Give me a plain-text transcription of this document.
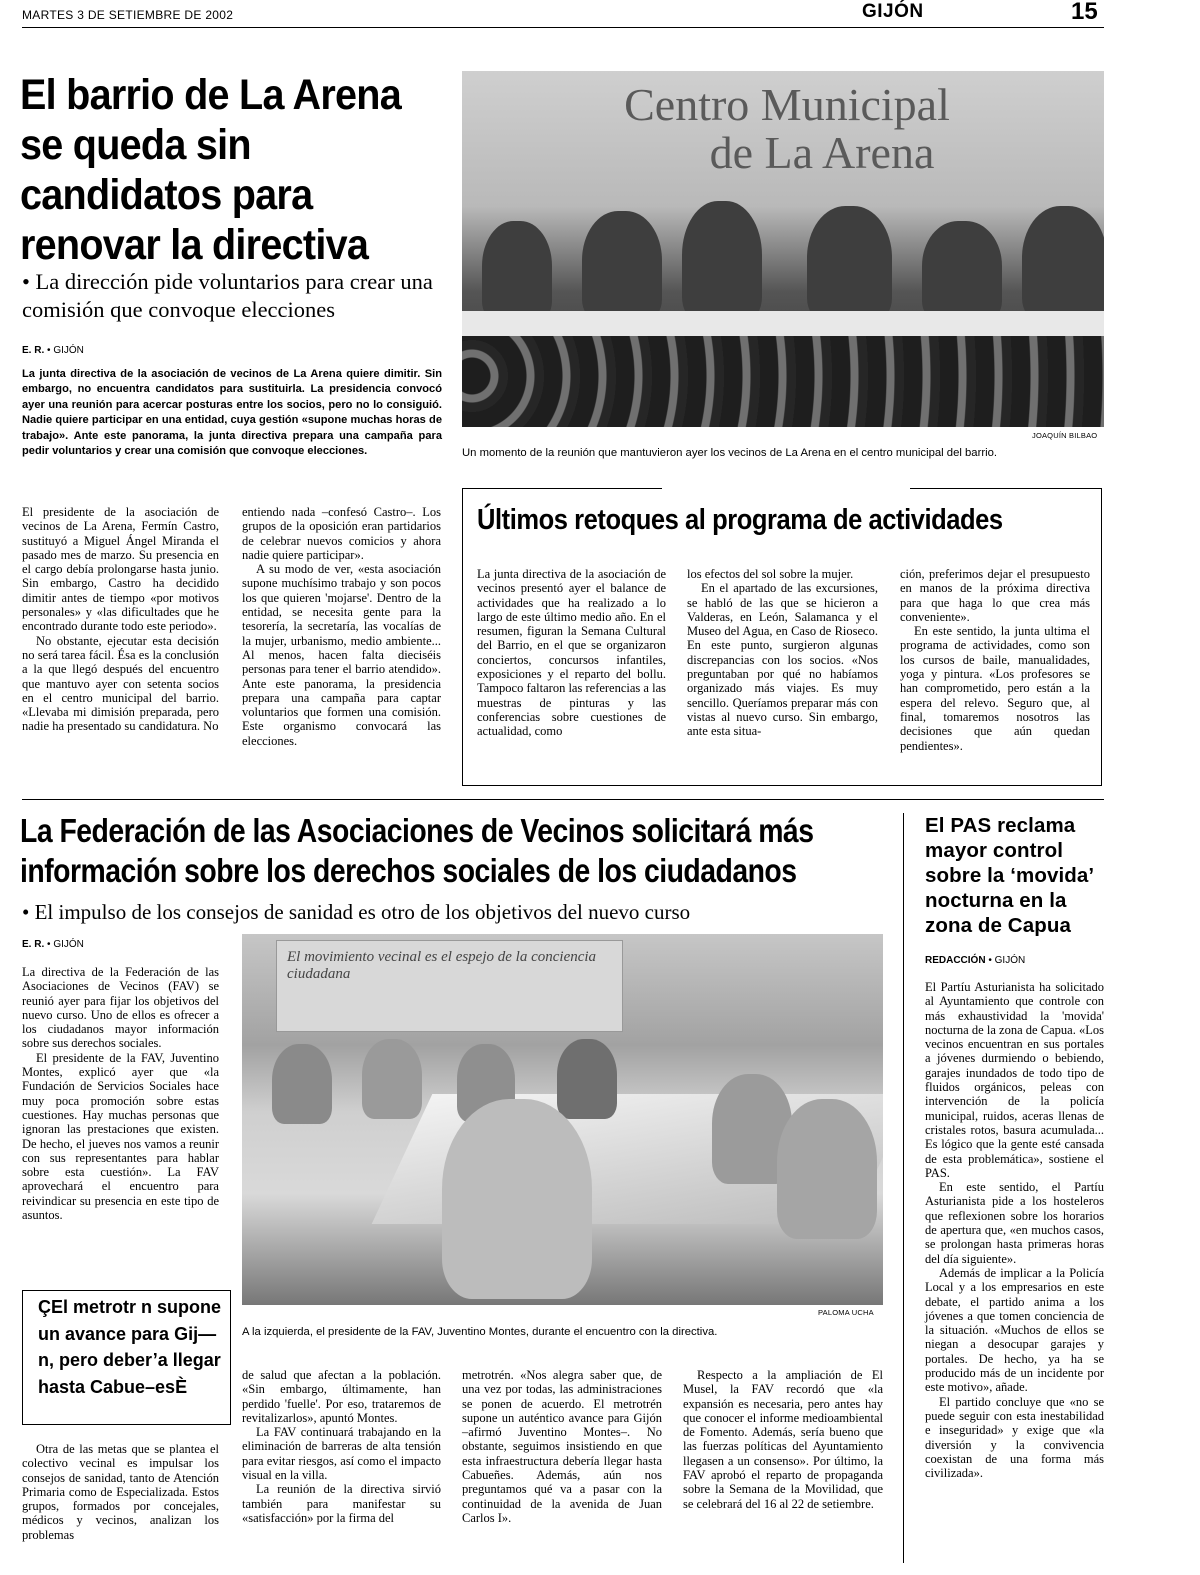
MARTES 3 DE SETIEMBRE DE 2002	GIJÓN	15
El barrio de La Arena se queda sin candidatos para renovar la directiva
• La dirección pide voluntarios para crear una comisión que convoque elecciones
E. R. • GIJÓN
La junta directiva de la asociación de vecinos de La Arena quiere dimitir. Sin embargo, no encuentra candidatos para sustituirla. La presidencia convocó ayer una reunión para acercar posturas entre los socios, pero no lo consiguió. Nadie quiere participar en una entidad, cuya gestión «supone muchas horas de trabajo». Ante este panorama, la junta directiva prepara una campaña para pedir voluntarios y crear una comisión que convoque elecciones.

El presidente de la asociación de vecinos de La Arena, Fermín Castro, sustituyó a Miguel Ángel Miranda el pasado mes de marzo. Su presencia en el cargo debía prolongarse hasta junio. Sin embargo, Castro ha decidido dimitir antes de tiempo «por motivos personales» y «las dificultades que he encontrado durante todo este periodo».

No obstante, ejecutar esta decisión no será tarea fácil. Ésa es la conclusión a la que llegó después del encuentro que mantuvo ayer con setenta socios en el centro municipal del barrio. «Llevaba mi dimisión preparada, pero nadie ha presentado su candidatura. No

entiendo nada –confesó Castro–. Los grupos de la oposición eran partidarios de celebrar nuevos comicios y ahora nadie quiere participar».

A su modo de ver, «esta asociación supone muchísimo trabajo y son pocos los que quieren 'mojarse'. Dentro de la entidad, se necesita gente para la tesorería, la secretaría, las vocalías de la mujer, urbanismo, medio ambiente... Al menos, hacen falta dieciséis personas para tener el barrio atendido». Ante este panorama, la presidencia prepara una campaña para captar voluntarios que formen una comisión. Este organismo convocará las elecciones.

Centro Municipal
de La Arena
JOAQUÍN BILBAO
Un momento de la reunión que mantuvieron ayer los vecinos de La Arena en el centro municipal del barrio.
Últimos retoques al programa de actividades

La junta directiva de la asociación de vecinos presentó ayer el balance de actividades que ha realizado a lo largo de este último medio año. En el resumen, figuran la Semana Cultural del Barrio, en el que se organizaron conciertos, concursos infantiles, exposiciones y el reparto del bollu. Tampoco faltaron las referencias a las muestras de pinturas y las conferencias sobre cuestiones de actualidad, como

los efectos del sol sobre la mujer.

En el apartado de las excursiones, se habló de las que se hicieron a Valderas, en León, Salamanca y el Museo del Agua, en Caso de Rioseco. En este punto, surgieron algunas discrepancias con los socios. «Nos preguntaban por qué no habíamos organizado más viajes. Es muy sencillo. Queríamos preparar más con vistas al nuevo curso. Sin embargo, ante esta situa-

ción, preferimos dejar el presupuesto en manos de la próxima directiva para que haga lo que crea más conveniente».

En este sentido, la junta ultima el programa de actividades, como son los cursos de baile, manualidades, yoga y pintura. «Los profesores se han comprometido, pero están a la espera del relevo. Seguro que, al final, tomaremos nosotros las decisiones que aún quedan pendientes».

La Federación de las Asociaciones de Vecinos solicitará más
información sobre los derechos sociales de los ciudadanos
• El impulso de los consejos de sanidad es otro de los objetivos del nuevo curso
E. R. • GIJÓN

La directiva de la Federación de las Asociaciones de Vecinos (FAV) se reunió ayer para fijar los objetivos del nuevo curso. Uno de ellos es ofrecer a los ciudadanos mayor información sobre sus derechos sociales.

El presidente de la FAV, Juventino Montes, explicó ayer que «la Fundación de Servicios Sociales hace muy poca promoción sobre estas cuestiones. Hay muchas personas que ignoran las prestaciones que existen. De hecho, el jueves nos vamos a reunir con sus representantes para hablar sobre esta cuestión». La FAV aprovechará el encuentro para reivindicar su presencia en este tipo de asuntos.

ÇEl metrotr n supone un avance para Gij—n, pero deber’a llegar hasta Cabue–esÈ

Otra de las metas que se plantea el colectivo vecinal es impulsar los consejos de sanidad, tanto de Atención Primaria como de Especializada. Estos grupos, formados por concejales, médicos y vecinos, analizan los problemas

El movimiento vecinal es el espejo de la conciencia ciudadana
PALOMA UCHA
A la izquierda, el presidente de la FAV, Juventino Montes, durante el encuentro con la directiva.

de salud que afectan a la población. «Sin embargo, últimamente, han perdido 'fuelle'. Por eso, trataremos de revitalizarlos», apuntó Montes.

La FAV continuará trabajando en la eliminación de barreras de alta tensión para evitar riesgos, así como el impacto visual en la villa.

La reunión de la directiva sirvió también para manifestar su «satisfacción» por la firma del

metrotrén. «Nos alegra saber que, de una vez por todas, las administraciones se ponen de acuerdo. El metrotrén supone un auténtico avance para Gijón –afirmó Juventino Montes–. No obstante, seguimos insistiendo en que esta infraestructura debería llegar hasta Cabueñes. Además, aún nos preguntamos qué va a pasar con la continuidad de la avenida de Juan Carlos I».

Respecto a la ampliación de El Musel, la FAV recordó que «la expansión es necesaria, pero antes hay que conocer el informe medioambiental de Fomento. Además, sería bueno que las fuerzas políticas del Ayuntamiento llegasen a un consenso». Por último, la FAV aprobó el reparto de propaganda sobre la Semana de la Movilidad, que se celebrará del 16 al 22 de setiembre.

El PAS reclama mayor control sobre la ‘movida’ nocturna en la zona de Capua
REDACCIÓN • GIJÓN

El Partíu Asturianista ha solicitado al Ayuntamiento que controle con más exhaustividad la 'movida' nocturna de la zona de Capua. «Los vecinos encuentran en sus portales a jóvenes durmiendo o bebiendo, garajes inundados de todo tipo de fluidos orgánicos, peleas con intervención de la policía municipal, ruidos, aceras llenas de cristales rotos, basura acumulada... Es lógico que la gente esté cansada de esta problemática», sostiene el PAS.

En este sentido, el Partíu Asturianista pide a los hosteleros que reflexionen sobre los horarios de apertura que, «en muchos casos, se prolongan hasta primeras horas del día siguiente».

Además de implicar a la Policía Local y a los empresarios en este debate, el partido anima a los jóvenes a que tomen conciencia de la situación. «Muchos de ellos se niegan a desocupar garajes y portales. De hecho, ya ha se producido más de un incidente por este motivo», añade.

El partido concluye que «no se puede seguir con esta inestabilidad e inseguridad» y exige que «la diversión y la convivencia coexistan de una forma más civilizada».
